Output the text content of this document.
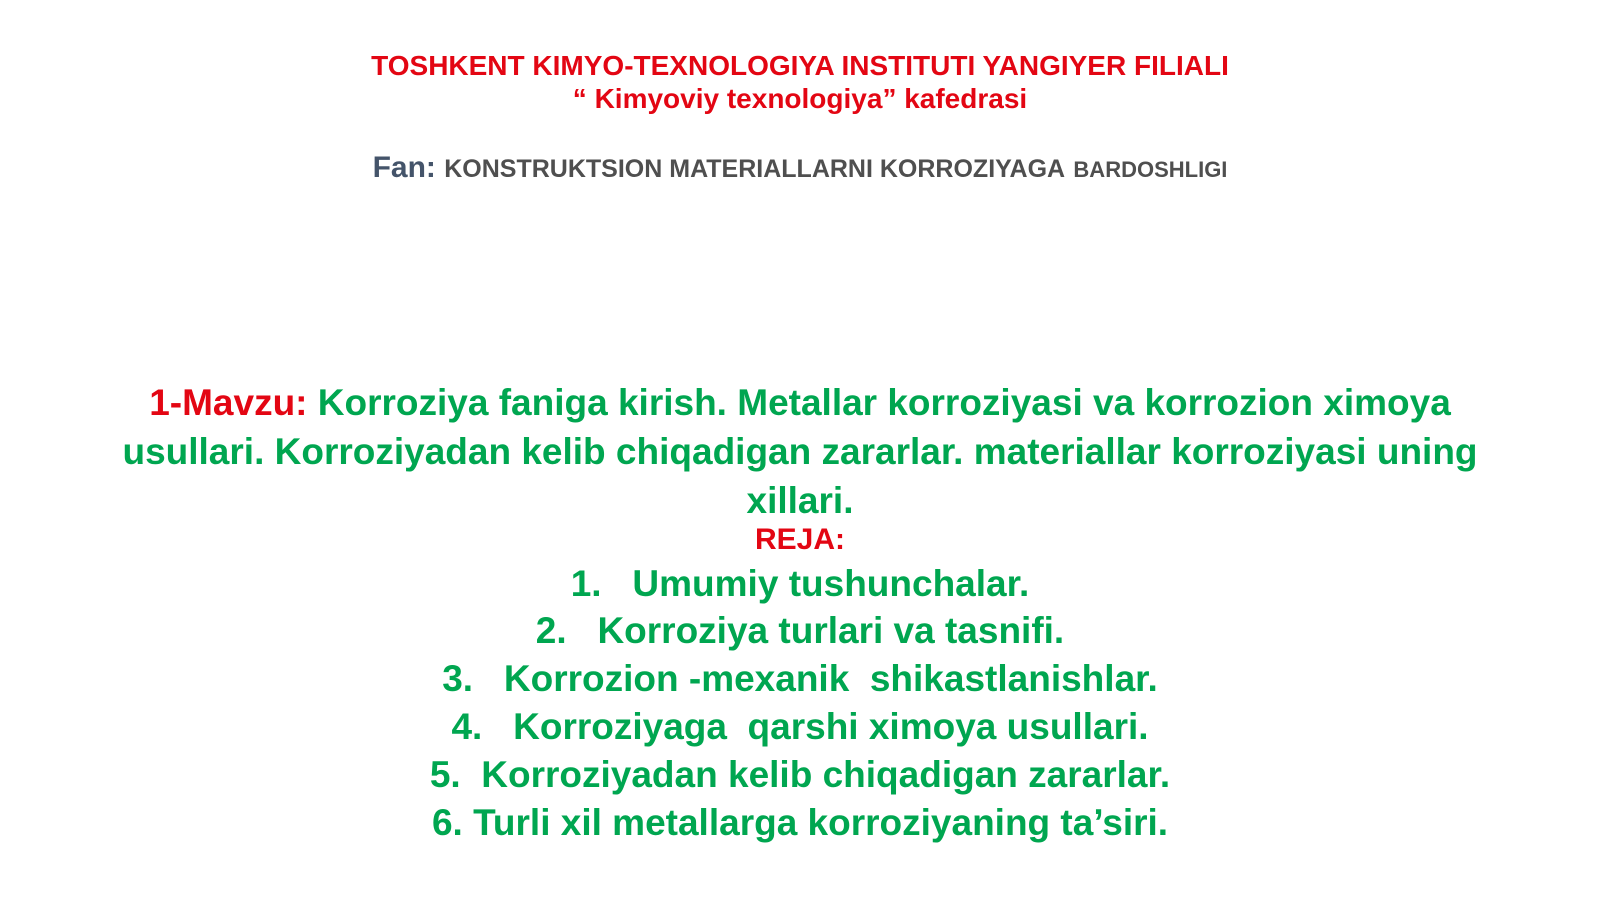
TOSHKENT KIMYO-TEXNOLOGIYA INSTITUTI YANGIYER FILIALI
“ Kimyoviy texnologiya” kafedrasi
Fan: KONSTRUKTSION MATERIALLARNI KORROZIYAGA BARDOSHLIGI
1-Mavzu: Korroziya faniga kirish. Metallar korroziyasi va korrozion ximoya usullari. Korroziyadan kelib chiqadigan zararlar. materiallar korroziyasi uning xillari.
REJA:
1.   Umumiy tushunchalar.
2.   Korroziya turlari va tasnifi.
3.   Korrozion -mexanik  shikastlanishlar.
4.   Korroziyaga  qarshi ximoya usullari.
5.  Korroziyadan kelib chiqadigan zararlar.
6. Turli xil metallarga korroziyaning ta’siri.
